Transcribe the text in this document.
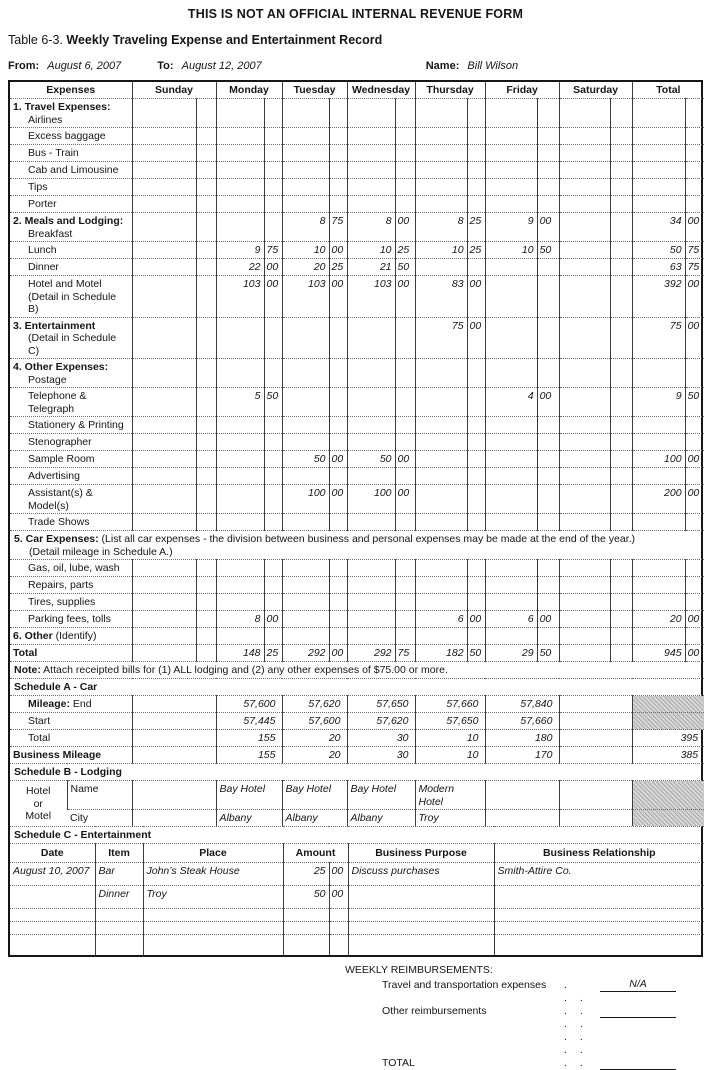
THIS IS NOT AN OFFICIAL INTERNAL REVENUE FORM
Table 6-3. Weekly Traveling Expense and Entertainment Record
From: August 6, 2007	To: August 12, 2007	Name: Bill Wilson
Expenses	Sunday		Monday		Tuesday		Wednesday		Thursday		Friday		Saturday		Total	

1. Travel Expenses:
Airlines																

Excess baggage																

Bus - Train																

Cab and Limousine																

Tips																

Porter																

2. Meals and Lodging:
Breakfast					8	75	8	00	8	25	9	00			34	00

Lunch			9	75	10	00	10	25	10	25	10	50			50	75

Dinner			22	00	20	25	21	50							63	75

Hotel and Motel
(Detail in Schedule B)			103	00	103	00	103	00	83	00					392	00

3. Entertainment
(Detail in Schedule C)									75	00					75	00

4. Other Expenses:
Postage																

Telephone & Telegraph			5	50							4	00			9	50

Stationery & Printing																

Stenographer																

Sample Room					50	00	50	00							100	00

Advertising																

Assistant(s) & Model(s)					100	00	100	00							200	00

Trade Shows																

5. Car Expenses: (List all car expenses - the division between business and personal expenses may be made at the end of the year.)
(Detail mileage in Schedule A.)																

Gas, oil, lube, wash																

Repairs, parts																

Tires, supplies																

Parking fees, tolls			8	00					6	00	6	00			20	00

6. Other (Identify)																

Total			148	25	292	00	292	75	182	50	29	50			945	00

Note: Attach receipted bills for (1) ALL lodging and (2) any other expenses of $75.00 or more.																
Schedule A - Car								

Mileage: End		57,600	57,620	57,650	57,660	57,840		

Start		57,445	57,600	57,620	57,650	57,660		

Total		155	20	30	10	180		395

Business Mileage		155	20	30	10	170		385
Schedule B - Lodging									

Hotel
or
Motel
	Name		Bay Hotel	Bay Hotel	Bay Hotel	Modern
Hotel

	City		Albany	Albany	Albany	Troy			

Schedule C - Entertainment						
Date	Item	Place	Amount		Business Purpose	Business Relationship
August 10, 2007	Bar	John’s Steak House	25	00	Discuss purchases	Smith-Attire Co.
	Dinner	Troy	50	00		

WEEKLY REIMBURSEMENTS:
Travel and transportation expenses	.	N/A
Other reimbursements
. . . .
TOTAL
. . . . . . . .
